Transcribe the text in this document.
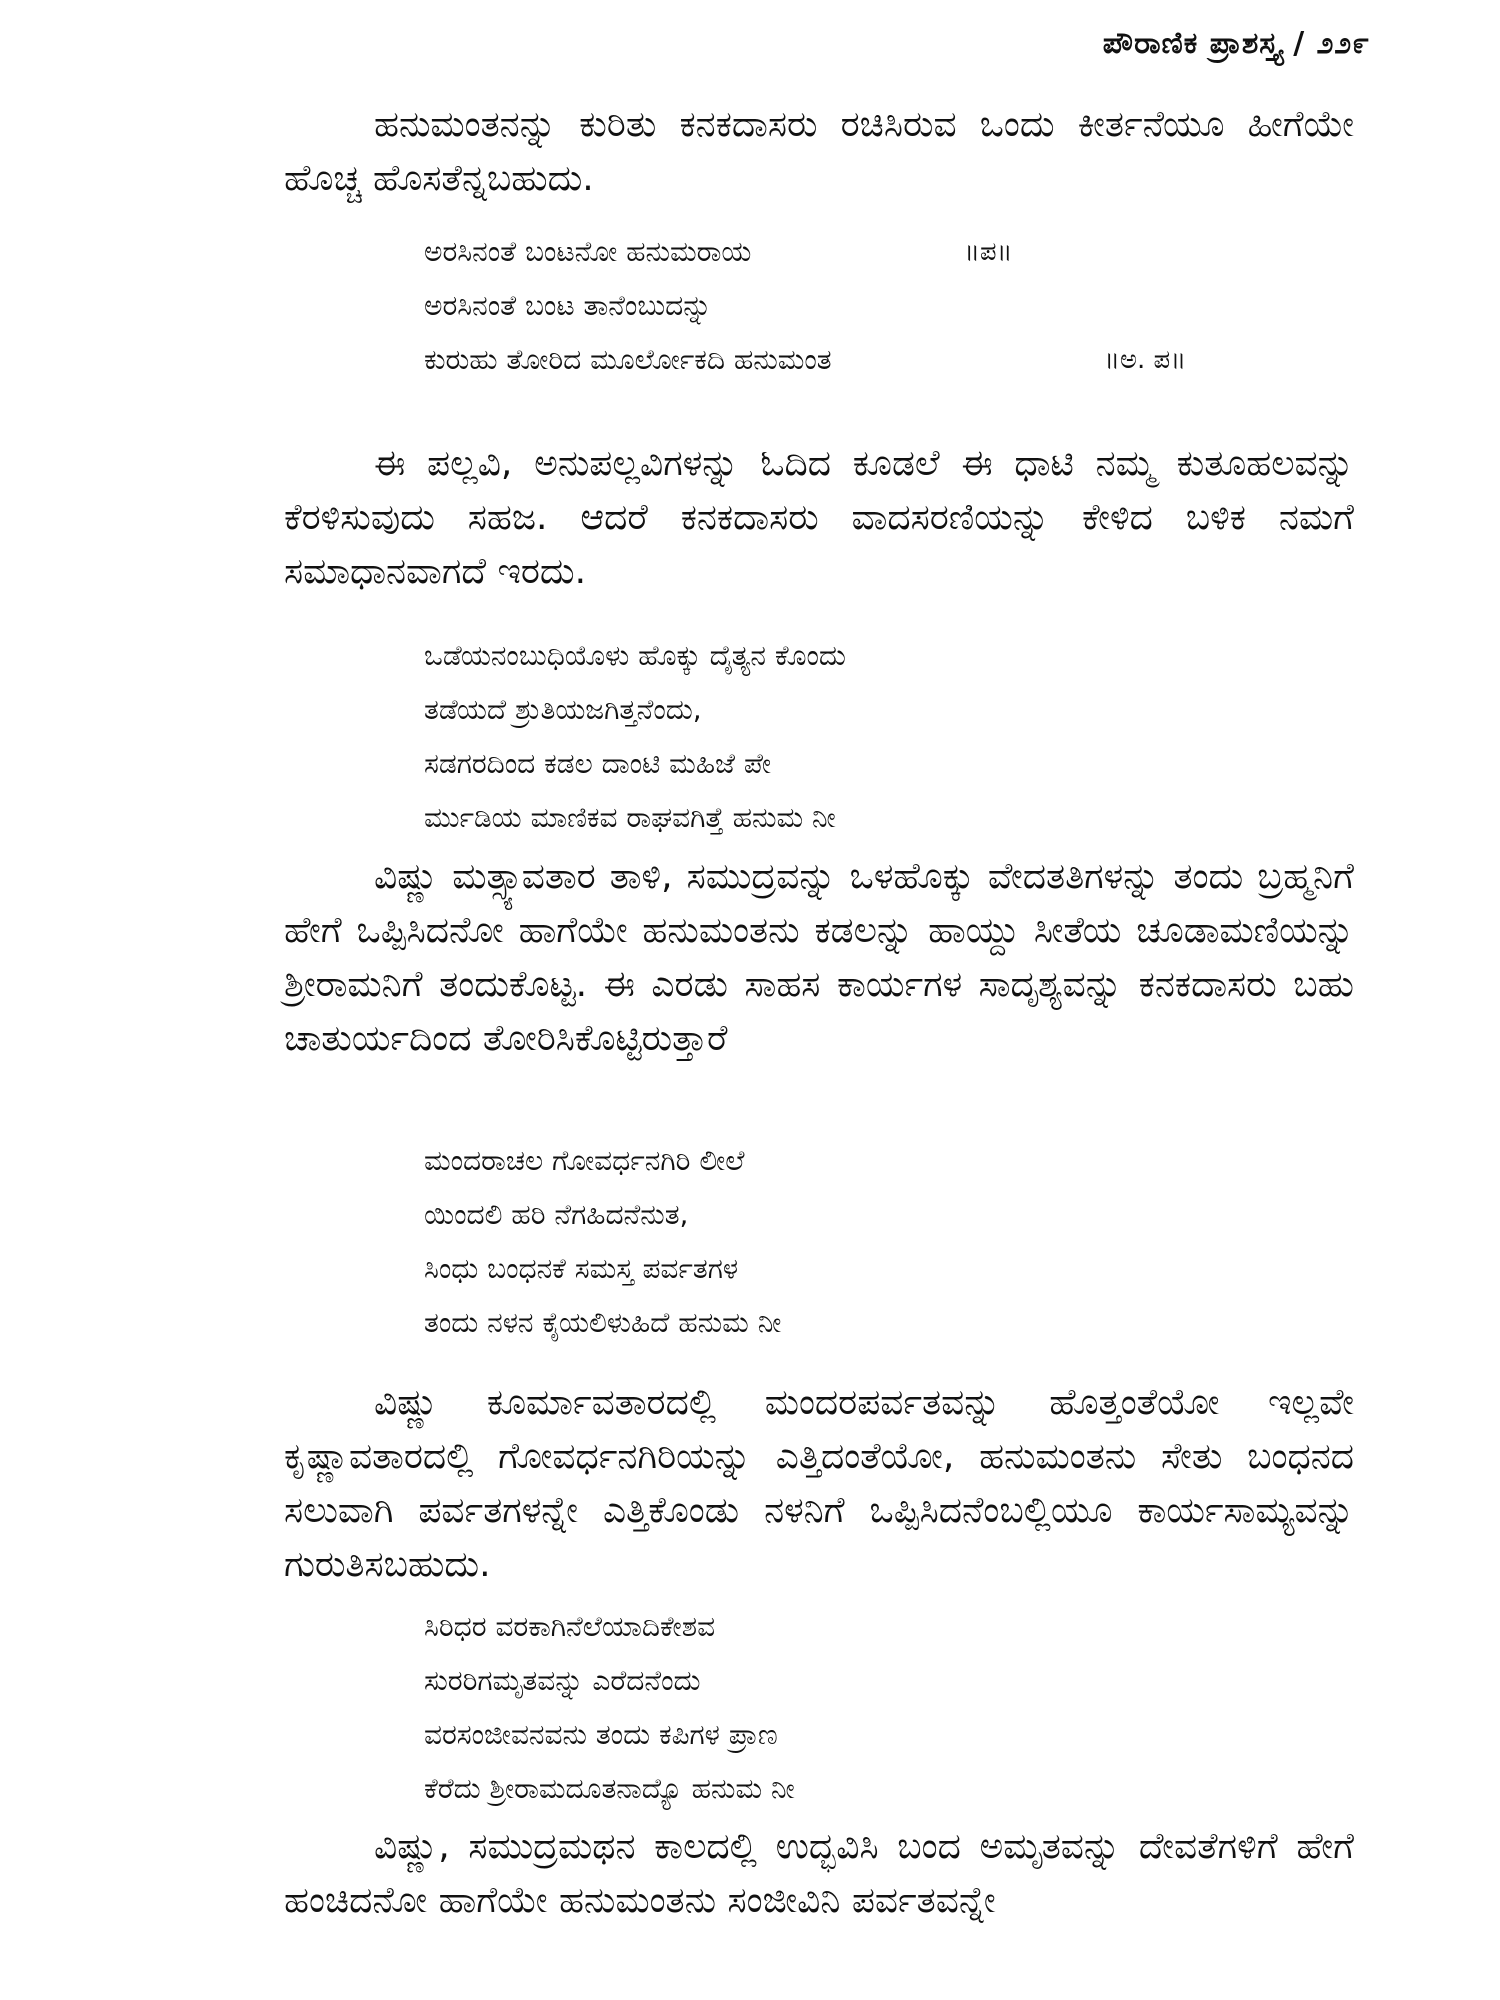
ಪೌರಾಣಿಕ ಪ್ರಾಶಸ್ತ್ಯ / ೨೨೯

ಹನುಮಂತನನ್ನು ಕುರಿತು ಕನಕದಾಸರು ರಚಿಸಿರುವ ಒಂದು ಕೀರ್ತನೆಯೂ ಹೀಗೆಯೇ ಹೊಚ್ಚ ಹೊಸತೆನ್ನಬಹುದು.

ಅರಸಿನಂತೆ ಬಂಟನೋ ಹನುಮರಾಯ	॥ಪ॥
ಅರಸಿನಂತೆ ಬಂಟ ತಾನೆಂಬುದನ್ನು
ಕುರುಹು ತೋರಿದ ಮೂರ್ಲೋಕದಿ ಹನುಮಂತ	॥ಅ. ಪ॥

ಈ ಪಲ್ಲವಿ, ಅನುಪಲ್ಲವಿಗಳನ್ನು ಓದಿದ ಕೂಡಲೆ ಈ ಧಾಟಿ ನಮ್ಮ ಕುತೂಹಲವನ್ನು ಕೆರಳಿಸುವುದು ಸಹಜ. ಆದರೆ ಕನಕದಾಸರು ವಾದಸರಣಿಯನ್ನು ಕೇಳಿದ ಬಳಿಕ ನಮಗೆ ಸಮಾಧಾನವಾಗದೆ ಇರದು.

ಒಡೆಯನಂಬುಧಿಯೊಳು ಹೊಕ್ಕು ದೈತ್ಯನ ಕೊಂದು
ತಡೆಯದೆ ಶ್ರುತಿಯಜಗಿತ್ತನೆಂದು,
ಸಡಗರದಿಂದ ಕಡಲ ದಾಂಟಿ ಮಹಿಜೆ ಪೇ
ರ್ಮುಡಿಯ ಮಾಣಿಕವ ರಾಘವಗಿತ್ತೆ ಹನುಮ ನೀ

ವಿಷ್ಣು ಮತ್ಸ್ಯಾವತಾರ ತಾಳಿ, ಸಮುದ್ರವನ್ನು ಒಳಹೊಕ್ಕು ವೇದತತಿಗಳನ್ನು ತಂದು ಬ್ರಹ್ಮನಿಗೆ ಹೇಗೆ ಒಪ್ಪಿಸಿದನೋ ಹಾಗೆಯೇ ಹನುಮಂತನು ಕಡಲನ್ನು ಹಾಯ್ದು ಸೀತೆಯ ಚೂಡಾಮಣಿಯನ್ನು ಶ್ರೀರಾಮನಿಗೆ ತಂದುಕೊಟ್ಟ. ಈ ಎರಡು ಸಾಹಸ ಕಾರ್ಯಗಳ ಸಾದೃಶ್ಯವನ್ನು ಕನಕದಾಸರು ಬಹು ಚಾತುರ್ಯದಿಂದ ತೋರಿಸಿಕೊಟ್ಟಿರುತ್ತಾರೆ

ಮಂದರಾಚಲ ಗೋವರ್ಧನಗಿರಿ ಲೀಲೆ
ಯಿಂದಲಿ ಹರಿ ನೆಗಹಿದನೆನುತ,
ಸಿಂಧು ಬಂಧನಕೆ ಸಮಸ್ತ ಪರ್ವತಗಳ
ತಂದು ನಳನ ಕೈಯಲಿಳುಹಿದೆ ಹನುಮ ನೀ

ವಿಷ್ಣು ಕೂರ್ಮಾವತಾರದಲ್ಲಿ ಮಂದರಪರ್ವತವನ್ನು ಹೊತ್ತಂತೆಯೋ ಇಲ್ಲವೇ ಕೃಷ್ಣಾವತಾರದಲ್ಲಿ ಗೋವರ್ಧನಗಿರಿಯನ್ನು ಎತ್ತಿದಂತೆಯೋ, ಹನುಮಂತನು ಸೇತು ಬಂಧನದ ಸಲುವಾಗಿ ಪರ್ವತಗಳನ್ನೇ ಎತ್ತಿಕೊಂಡು ನಳನಿಗೆ ಒಪ್ಪಿಸಿದನೆಂಬಲ್ಲಿಯೂ ಕಾರ್ಯಸಾಮ್ಯವನ್ನು ಗುರುತಿಸಬಹುದು.

ಸಿರಿಧರ ವರಕಾಗಿನೆಲೆಯಾದಿಕೇಶವ
ಸುರರಿಗಮೃತವನ್ನು ಎರೆದನೆಂದು
ವರಸಂಜೀವನವನು ತಂದು ಕಪಿಗಳ ಪ್ರಾಣ
ಕೆರೆದು ಶ್ರೀರಾಮದೂತನಾದ್ಯೊ ಹನುಮ ನೀ

ವಿಷ್ಣು, ಸಮುದ್ರಮಥನ ಕಾಲದಲ್ಲಿ ಉದ್ಭವಿಸಿ ಬಂದ ಅಮೃತವನ್ನು ದೇವತೆಗಳಿಗೆ ಹೇಗೆ ಹಂಚಿದನೋ ಹಾಗೆಯೇ ಹನುಮಂತನು ಸಂಜೀವಿನಿ ಪರ್ವತವನ್ನೇ
